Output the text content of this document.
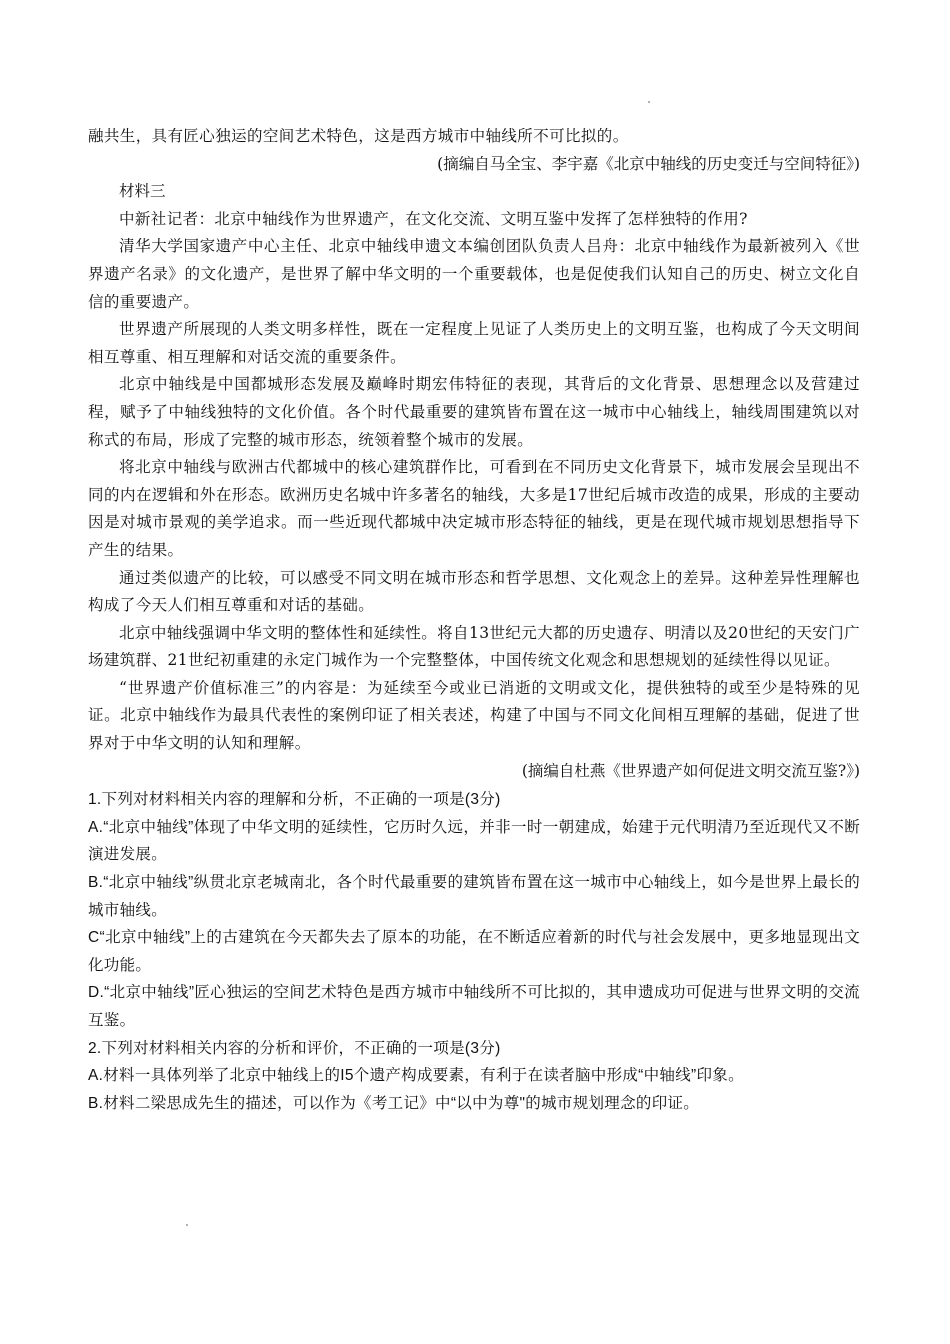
融共生，具有匠心独运的空间艺术特色，这是西方城市中轴线所不可比拟的。

(摘编自马全宝、李宇嘉《北京中轴线的历史变迁与空间特征》)

材料三

中新社记者：北京中轴线作为世界遗产，在文化交流、文明互鉴中发挥了怎样独特的作用?

清华大学国家遗产中心主任、北京中轴线申遗文本编创团队负责人吕舟：北京中轴线作为最新被列入《世界遗产名录》的文化遗产，是世界了解中华文明的一个重要载体，也是促使我们认知自己的历史、树立文化自信的重要遗产。

世界遗产所展现的人类文明多样性，既在一定程度上见证了人类历史上的文明互鉴，也构成了今天文明间相互尊重、相互理解和对话交流的重要条件。

北京中轴线是中国都城形态发展及巅峰时期宏伟特征的表现，其背后的文化背景、思想理念以及营建过程，赋予了中轴线独特的文化价值。各个时代最重要的建筑皆布置在这一城市中心轴线上，轴线周围建筑以对称式的布局，形成了完整的城市形态，统领着整个城市的发展。

将北京中轴线与欧洲古代都城中的核心建筑群作比，可看到在不同历史文化背景下，城市发展会呈现出不同的内在逻辑和外在形态。欧洲历史名城中许多著名的轴线，大多是17世纪后城市改造的成果，形成的主要动因是对城市景观的美学追求。而一些近现代都城中决定城市形态特征的轴线，更是在现代城市规划思想指导下产生的结果。

通过类似遗产的比较，可以感受不同文明在城市形态和哲学思想、文化观念上的差异。这种差异性理解也构成了今天人们相互尊重和对话的基础。

北京中轴线强调中华文明的整体性和延续性。将自13世纪元大都的历史遗存、明清以及20世纪的天安门广场建筑群、21世纪初重建的永定门城作为一个完整整体，中国传统文化观念和思想规划的延续性得以见证。

“世界遗产价值标准三”的内容是：为延续至今或业已消逝的文明或文化，提供独特的或至少是特殊的见证。北京中轴线作为最具代表性的案例印证了相关表述，构建了中国与不同文化间相互理解的基础，促进了世界对于中华文明的认知和理解。

(摘编自杜燕《世界遗产如何促进文明交流互鉴?》)

1.下列对材料相关内容的理解和分析，不正确的一项是(3分)

A.“北京中轴线”体现了中华文明的延续性，它历时久远，并非一时一朝建成，始建于元代明清乃至近现代又不断演进发展。

B.“北京中轴线”纵贯北京老城南北，各个时代最重要的建筑皆布置在这一城市中心轴线上，如今是世界上最长的城市轴线。

C“北京中轴线”上的古建筑在今天都失去了原本的功能，在不断适应着新的时代与社会发展中，更多地显现出文化功能。

D.“北京中轴线”匠心独运的空间艺术特色是西方城市中轴线所不可比拟的，其申遗成功可促进与世界文明的交流互鉴。

2.下列对材料相关内容的分析和评价，不正确的一项是(3分)

A.材料一具体列举了北京中轴线上的I5个遗产构成要素，有利于在读者脑中形成“中轴线”印象。

B.材料二梁思成先生的描述，可以作为《考工记》中“以中为尊"的城市规划理念的印证。
